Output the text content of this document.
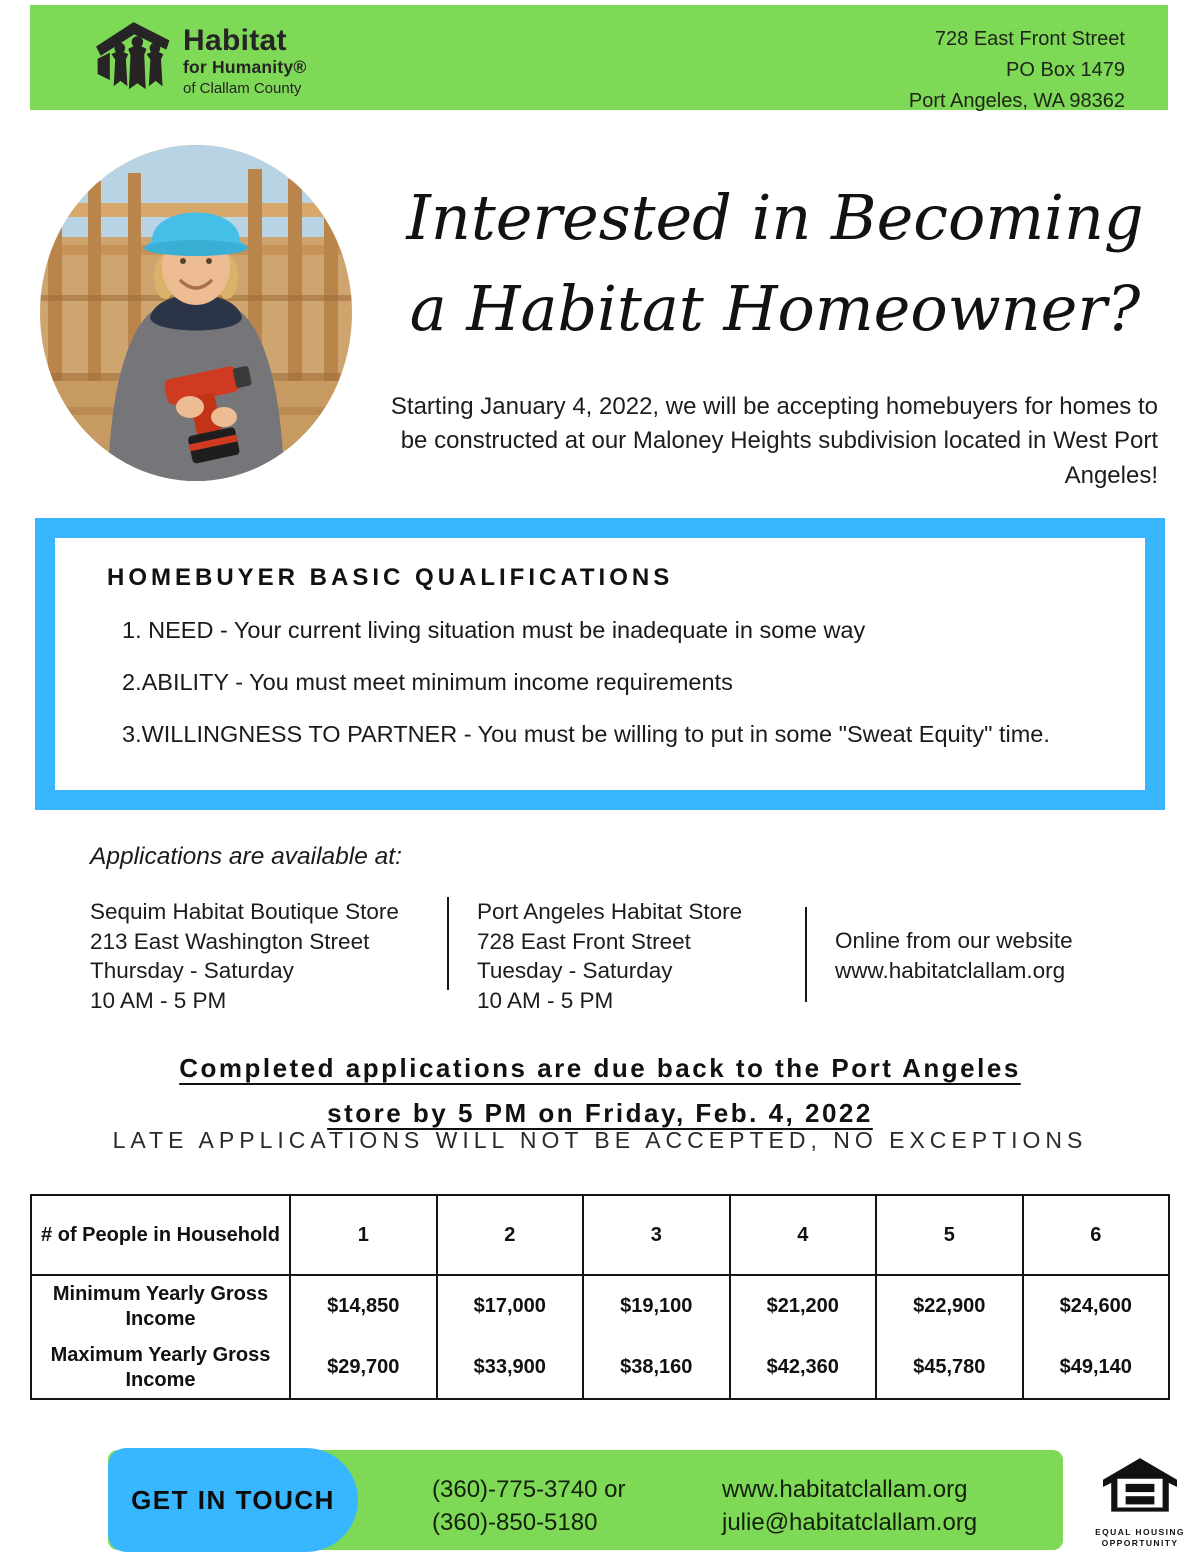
Habitat
for Humanity®
of Clallam County
728 East Front Street
PO Box 1479
Port Angeles, WA 98362
Interested in Becoming
a Habitat Homeowner?
Starting January 4, 2022, we will be accepting homebuyers for homes to be constructed at our Maloney Heights subdivision located in West Port Angeles!
HOMEBUYER BASIC QUALIFICATIONS
1. NEED - Your current living situation must be inadequate in some way
2.ABILITY - You must meet minimum income requirements
3.WILLINGNESS TO PARTNER - You must be willing to put in some "Sweat Equity" time.
Applications are available at:
Sequim Habitat Boutique Store
213 East Washington Street
Thursday - Saturday
10 AM - 5 PM
Port Angeles Habitat Store
728 East Front Street
Tuesday - Saturday
10 AM - 5 PM
Online from our website
www.habitatclallam.org
Completed applications are due back to the Port Angeles
store by 5 PM on Friday, Feb. 4, 2022
LATE APPLICATIONS WILL NOT BE ACCEPTED, NO EXCEPTIONS
# of People in Household	1	2	3	4	5	6
Minimum Yearly Gross Income	$14,850	$17,000	$19,100	$21,200	$22,900	$24,600
Maximum Yearly Gross Income	$29,700	$33,900	$38,160	$42,360	$45,780	$49,140
GET IN TOUCH	(360)-775-3740 or
(360)-850-5180
www.habitatclallam.org
julie@habitatclallam.org	EQUAL HOUSING
OPPORTUNITY
